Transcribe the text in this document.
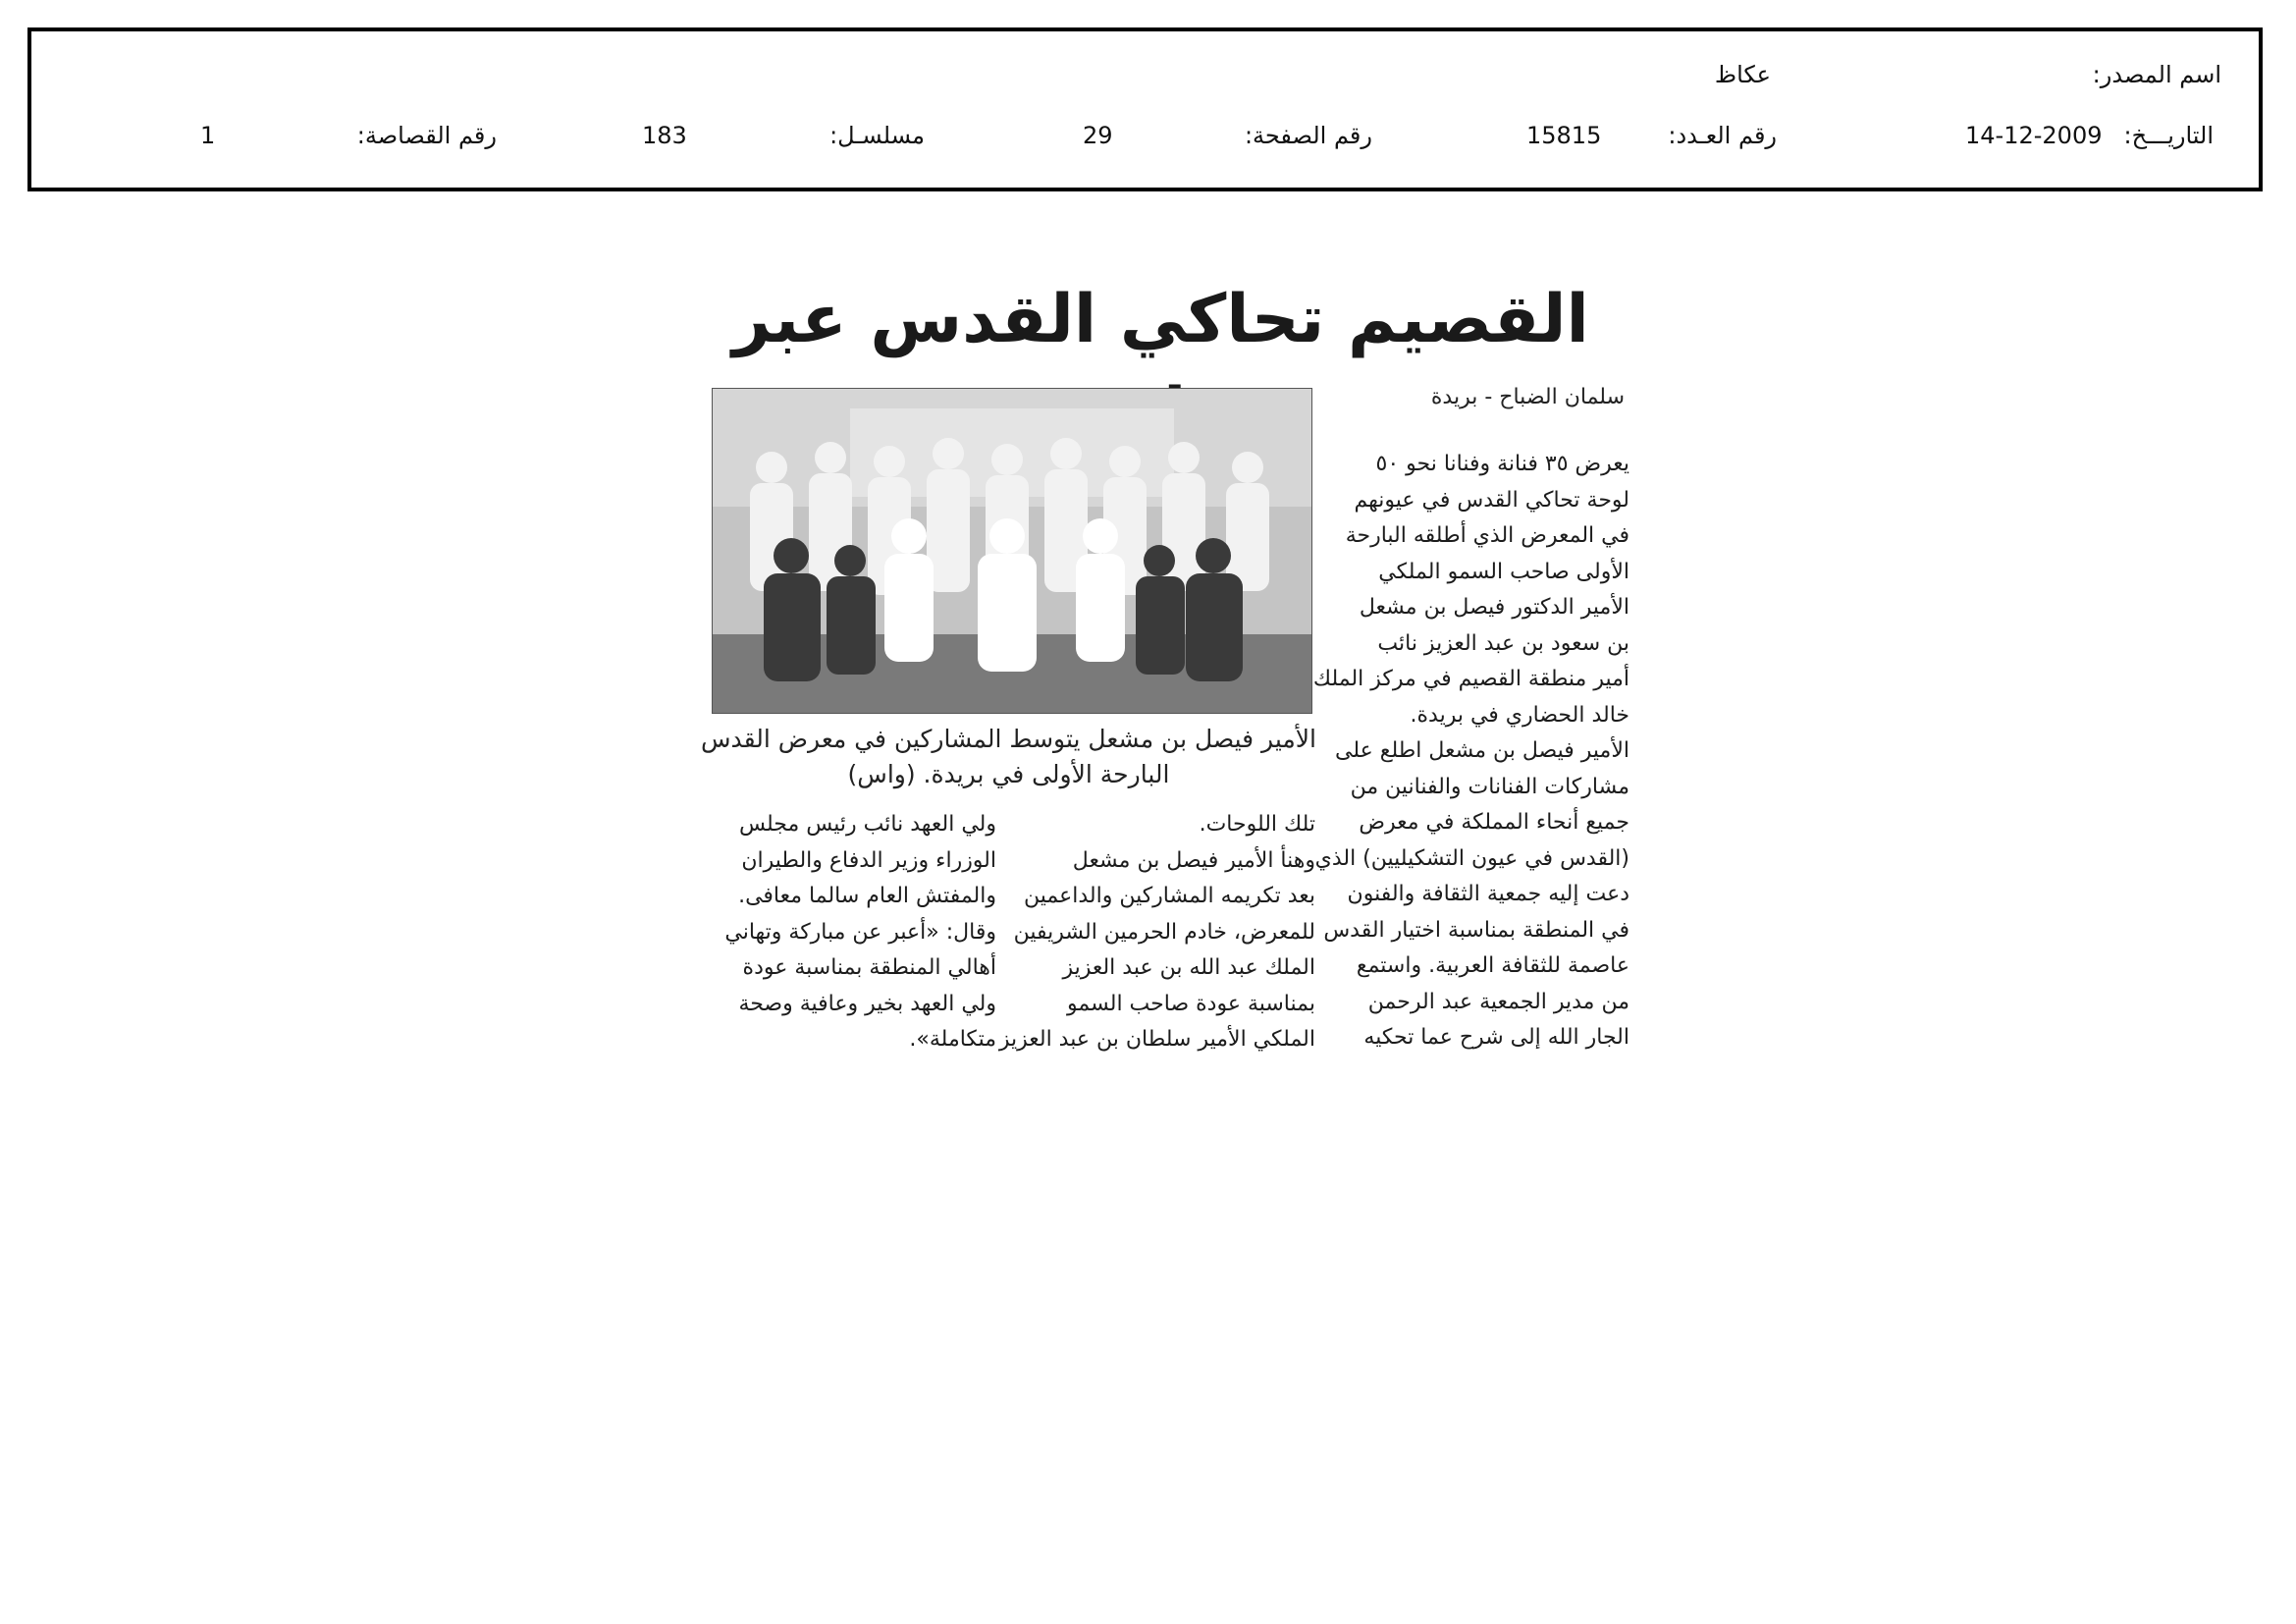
اسم المصدر:
عكاظ
التاريـــخ:
14-12-2009
رقم العـدد:
15815
رقم الصفحة:
29
مسلسـل:
183
رقم القصاصة:
1
القصيم تحاكي القدس عبر
سلمان الضباح - بريدة
الأمير فيصل بن مشعل يتوسط المشاركين في معرض القدس
البارحة الأولى في بريدة. (واس)
يعرض ٣٥ فنانة وفنانا نحو ٥٠
لوحة تحاكي القدس في عيونهم
في المعرض الذي أطلقه البارحة
الأولى صاحب السمو الملكي
الأمير الدكتور فيصل بن مشعل
بن سعود بن عبد العزيز نائب
أمير منطقة القصيم في مركز الملك
خالد الحضاري في بريدة.
الأمير فيصل بن مشعل اطلع على
مشاركات الفنانات والفنانين من
جميع أنحاء المملكة في معرض
(القدس في عيون التشكيليين) الذي
دعت إليه جمعية الثقافة والفنون
في المنطقة بمناسبة اختيار القدس
عاصمة للثقافة العربية. واستمع
من مدير الجمعية عبد الرحمن
الجار الله إلى شرح عما تحكيه
تلك اللوحات.
وهنأ الأمير فيصل بن مشعل
بعد تكريمه المشاركين والداعمين
للمعرض، خادم الحرمين الشريفين
الملك عبد الله بن عبد العزيز
بمناسبة عودة صاحب السمو
الملكي الأمير سلطان بن عبد العزيز
ولي العهد نائب رئيس مجلس
الوزراء وزير الدفاع والطيران
والمفتش العام سالما معافى.
وقال: «أعبر عن مباركة وتهاني
أهالي المنطقة بمناسبة عودة
ولي العهد بخير وعافية وصحة
متكاملة».
